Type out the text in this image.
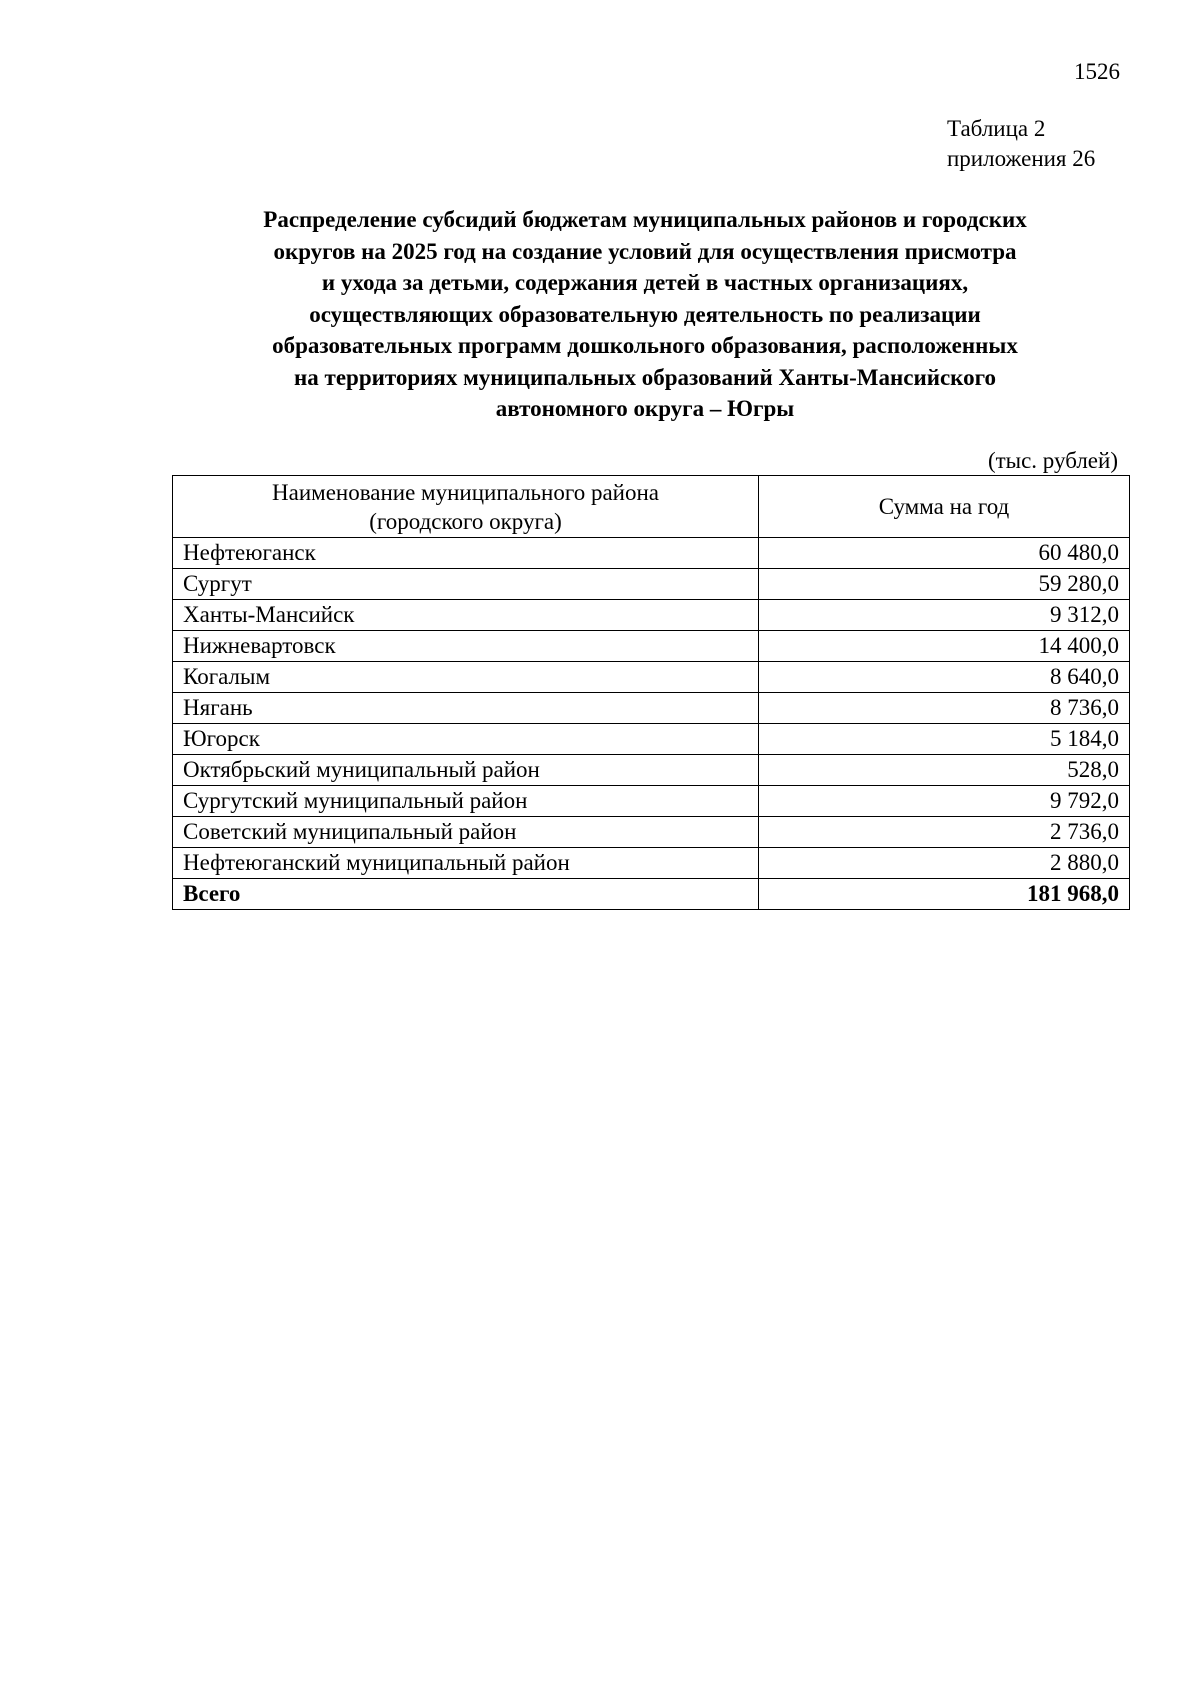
1526
Таблица 2
приложения 26
Распределение субсидий бюджетам муниципальных районов и городских
округов на 2025 год на создание условий для осуществления присмотра
и ухода за детьми, содержания детей в частных организациях,
осуществляющих образовательную деятельность по реализации
образовательных программ дошкольного образования, расположенных
на территориях муниципальных образований Ханты-Мансийского
автономного округа – Югры
(тыс. рублей)
Наименование муниципального района
(городского округа)	Сумма на год
Нефтеюганск	60 480,0
Сургут	59 280,0
Ханты-Мансийск	9 312,0
Нижневартовск	14 400,0
Когалым	8 640,0
Нягань	8 736,0
Югорск	5 184,0
Октябрьский муниципальный район	528,0
Сургутский муниципальный район	9 792,0
Советский муниципальный район	2 736,0
Нефтеюганский муниципальный район	2 880,0
Всего	181 968,0
